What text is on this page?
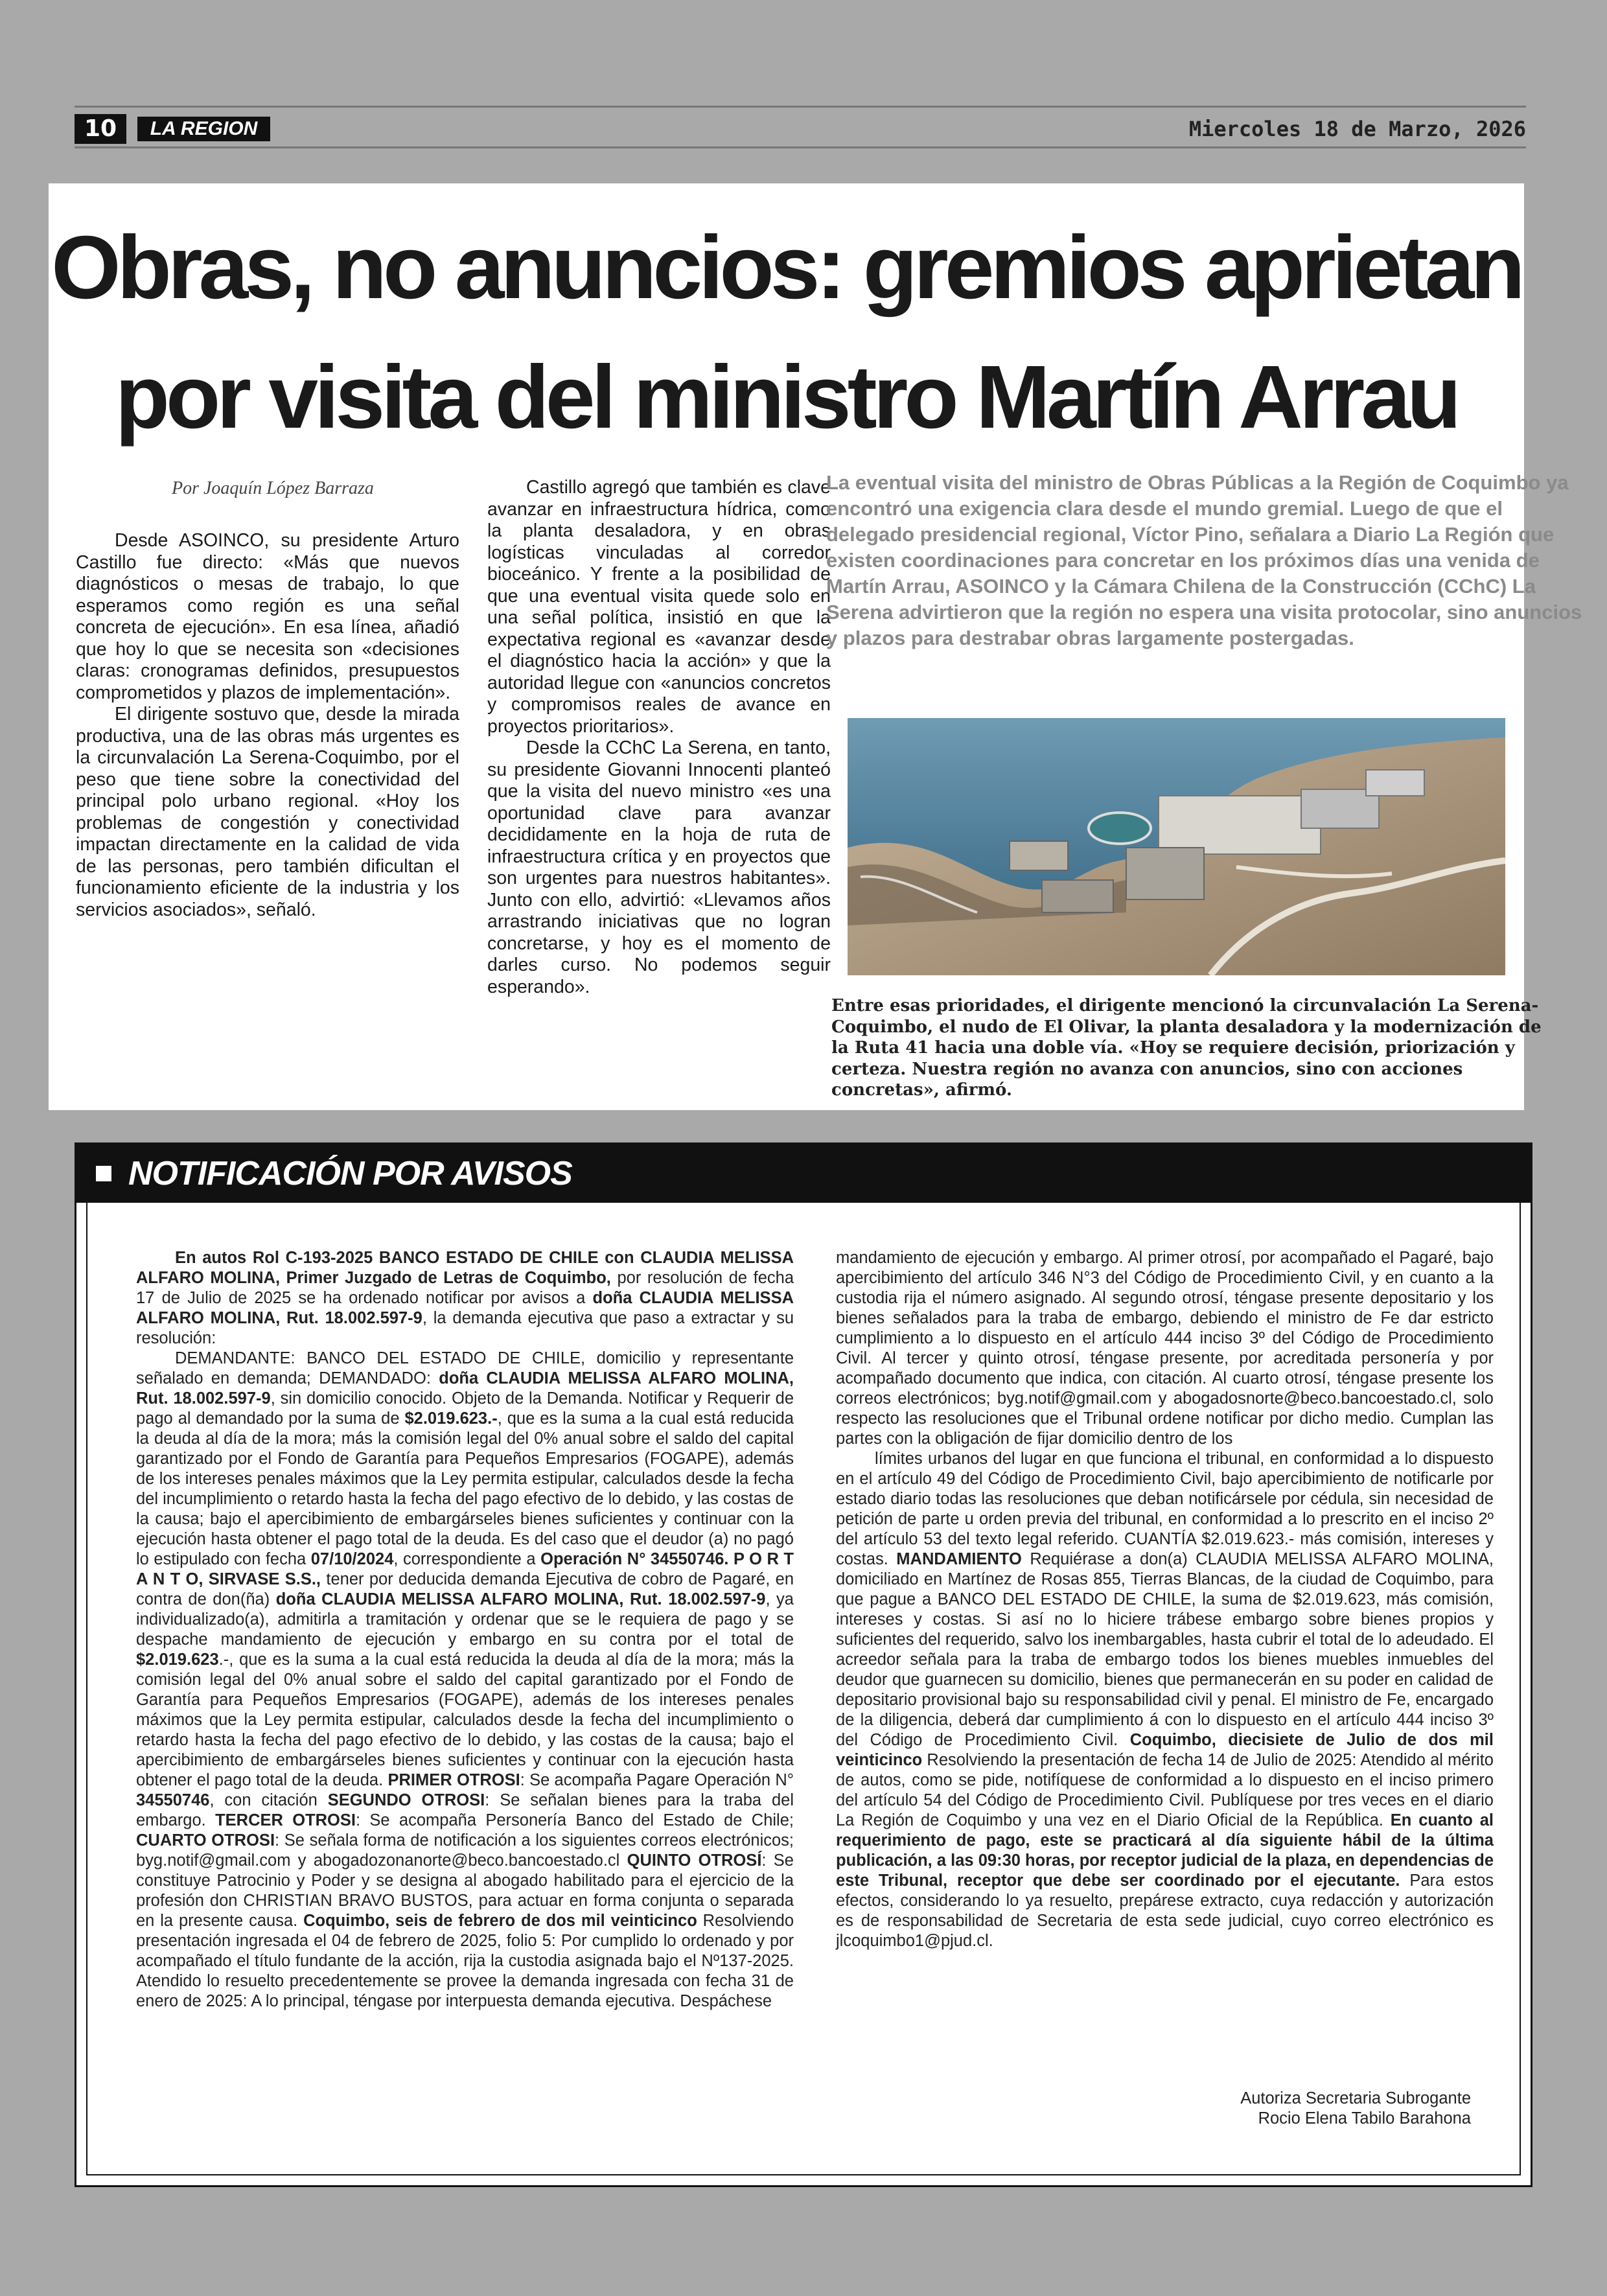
10	LA REGION	Miercoles 18 de Marzo, 2026
Obras, no anuncios: gremios aprietan
por visita del ministro Martín Arrau
Por Joaquín López Barraza

Desde ASOINCO, su presidente Arturo Castillo fue directo: «Más que nuevos diagnósticos o mesas de trabajo, lo que esperamos como región es una señal concreta de ejecución». En esa línea, añadió que hoy lo que se necesita son «decisiones claras: cronogramas definidos, presupuestos comprometidos y plazos de implementación».

El dirigente sostuvo que, desde la mirada productiva, una de las obras más urgentes es la circunvalación La Serena-Coquimbo, por el peso que tiene sobre la conectividad del principal polo urbano regional. «Hoy los problemas de congestión y conectividad impactan directamente en la calidad de vida de las personas, pero también dificultan el funcionamiento eficiente de la industria y los servicios asociados», señaló.

Castillo agregó que también es clave avanzar en infraestructura hídrica, como la planta desaladora, y en obras logísticas vinculadas al corredor bioceánico. Y frente a la posibilidad de que una eventual visita quede solo en una señal política, insistió en que la expectativa regional es «avanzar desde el diagnóstico hacia la acción» y que la autoridad llegue con «anuncios concretos y compromisos reales de avance en proyectos prioritarios».

Desde la CChC La Serena, en tanto, su presidente Giovanni Innocenti planteó que la visita del nuevo ministro «es una oportunidad clave para avanzar decididamente en la hoja de ruta de infraestructura crítica y en proyectos que son urgentes para nuestros habitantes». Junto con ello, advirtió: «Llevamos años arrastrando iniciativas que no logran concretarse, y hoy es el momento de darles curso. No podemos seguir esperando».

La eventual visita del ministro de Obras Públicas a la Región de Coquimbo ya encontró una exigencia clara desde el mundo gremial. Luego de que el delegado presidencial regional, Víctor Pino, señalara a Diario La Región que existen coordinaciones para concretar en los próximos días una venida de Martín Arrau, ASOINCO y la Cámara Chilena de la Construcción (CChC) La Serena advirtieron que la región no espera una visita protocolar, sino anuncios y plazos para destrabar obras largamente postergadas.
Entre esas prioridades, el dirigente mencionó la circunvalación La Serena-Coquimbo, el nudo de El Olivar, la planta desaladora y la modernización de la Ruta 41 hacia una doble vía. «Hoy se requiere decisión, priorización y certeza. Nuestra región no avanza con anuncios, sino con acciones concretas», afirmó.
NOTIFICACIÓN POR AVISOS

En autos Rol C-193-2025 BANCO ESTADO DE CHILE con CLAUDIA MELISSA ALFARO MOLINA, Primer Juzgado de Letras de Coquimbo, por resolución de fecha 17 de Julio de 2025 se ha ordenado notificar por avisos a doña CLAUDIA MELISSA ALFARO MOLINA, Rut. 18.002.597-9, la demanda ejecutiva que paso a extractar y su resolución:

DEMANDANTE: BANCO DEL ESTADO DE CHILE, domicilio y representante señalado en demanda; DEMANDADO: doña CLAUDIA MELISSA ALFARO MOLINA, Rut. 18.002.597-9, sin domicilio conocido. Objeto de la Demanda. Notificar y Requerir de pago al demandado por la suma de $2.019.623.-, que es la suma a la cual está reducida la deuda al día de la mora; más la comisión legal del 0% anual sobre el saldo del capital garantizado por el Fondo de Garantía para Pequeños Empresarios (FOGAPE), además de los intereses penales máximos que la Ley permita estipular, calculados desde la fecha del incumplimiento o retardo hasta la fecha del pago efectivo de lo debido, y las costas de la causa; bajo el apercibimiento de embargárseles bienes suficientes y continuar con la ejecución hasta obtener el pago total de la deuda. Es del caso que el deudor (a) no pagó lo estipulado con fecha 07/10/2024, correspondiente a Operación N° 34550746. P O R T A N T O, SIRVASE S.S., tener por deducida demanda Ejecutiva de cobro de Pagaré, en contra de don(ña) doña CLAUDIA MELISSA ALFARO MOLINA, Rut. 18.002.597-9, ya individualizado(a), admitirla a tramitación y ordenar que se le requiera de pago y se despache mandamiento de ejecución y embargo en su contra por el total de $2.019.623.-, que es la suma a la cual está reducida la deuda al día de la mora; más la comisión legal del 0% anual sobre el saldo del capital garantizado por el Fondo de Garantía para Pequeños Empresarios (FOGAPE), además de los intereses penales máximos que la Ley permita estipular, calculados desde la fecha del incumplimiento o retardo hasta la fecha del pago efectivo de lo debido, y las costas de la causa; bajo el apercibimiento de embargárseles bienes suficientes y continuar con la ejecución hasta obtener el pago total de la deuda. PRIMER OTROSI: Se acompaña Pagare Operación N° 34550746, con citación SEGUNDO OTROSI: Se señalan bienes para la traba del embargo. TERCER OTROSI: Se acompaña Personería Banco del Estado de Chile; CUARTO OTROSI: Se señala forma de notificación a los siguientes correos electrónicos; byg.notif@gmail.com y abogadozonanorte@beco.bancoestado.cl QUINTO OTROSÍ: Se constituye Patrocinio y Poder y se designa al abogado habilitado para el ejercicio de la profesión don CHRISTIAN BRAVO BUSTOS, para actuar en forma conjunta o separada en la presente causa. Coquimbo, seis de febrero de dos mil veinticinco Resolviendo presentación ingresada el 04 de febrero de 2025, folio 5: Por cumplido lo ordenado y por acompañado el título fundante de la acción, rija la custodia asignada bajo el Nº137-2025. Atendido lo resuelto precedentemente se provee la demanda ingresada con fecha 31 de enero de 2025: A lo principal, téngase por interpuesta demanda ejecutiva. Despáchese

mandamiento de ejecución y embargo. Al primer otrosí, por acompañado el Pagaré, bajo apercibimiento del artículo 346 N°3 del Código de Procedimiento Civil, y en cuanto a la custodia rija el número asignado. Al segundo otrosí, téngase presente depositario y los bienes señalados para la traba de embargo, debiendo el ministro de Fe dar estricto cumplimiento a lo dispuesto en el artículo 444 inciso 3º del Código de Procedimiento Civil. Al tercer y quinto otrosí, téngase presente, por acreditada personería y por acompañado documento que indica, con citación. Al cuarto otrosí, téngase presente los correos electrónicos; byg.notif@gmail.com y abogadosnorte@beco.bancoestado.cl, solo respecto las resoluciones que el Tribunal ordene notificar por dicho medio. Cumplan las partes con la obligación de fijar domicilio dentro de los

límites urbanos del lugar en que funciona el tribunal, en conformidad a lo dispuesto en el artículo 49 del Código de Procedimiento Civil, bajo apercibimiento de notificarle por estado diario todas las resoluciones que deban notificársele por cédula, sin necesidad de petición de parte u orden previa del tribunal, en conformidad a lo prescrito en el inciso 2º del artículo 53 del texto legal referido. CUANTÍA $2.019.623.- más comisión, intereses y costas. MANDAMIENTO Requiérase a don(a) CLAUDIA MELISSA ALFARO MOLINA, domiciliado en Martínez de Rosas 855, Tierras Blancas, de la ciudad de Coquimbo, para que pague a BANCO DEL ESTADO DE CHILE, la suma de $2.019.623, más comisión, intereses y costas. Si así no lo hiciere trábese embargo sobre bienes propios y suficientes del requerido, salvo los inembargables, hasta cubrir el total de lo adeudado. El acreedor señala para la traba de embargo todos los bienes muebles inmuebles del deudor que guarnecen su domicilio, bienes que permanecerán en su poder en calidad de depositario provisional bajo su responsabilidad civil y penal. El ministro de Fe, encargado de la diligencia, deberá dar cumplimiento á con lo dispuesto en el artículo 444 inciso 3º del Código de Procedimiento Civil. Coquimbo, diecisiete de Julio de dos mil veinticinco Resolviendo la presentación de fecha 14 de Julio de 2025: Atendido al mérito de autos, como se pide, notifíquese de conformidad a lo dispuesto en el inciso primero del artículo 54 del Código de Procedimiento Civil. Publíquese por tres veces en el diario La Región de Coquimbo y una vez en el Diario Oficial de la República. En cuanto al requerimiento de pago, este se practicará al día siguiente hábil de la última publicación, a las 09:30 horas, por receptor judicial de la plaza, en dependencias de este Tribunal, receptor que debe ser coordinado por el ejecutante. Para estos efectos, considerando lo ya resuelto, prepárese extracto, cuya redacción y autorización es de responsabilidad de Secretaria de esta sede judicial, cuyo correo electrónico es jlcoquimbo1@pjud.cl.

Autoriza Secretaria Subrogante
Rocio Elena Tabilo Barahona
